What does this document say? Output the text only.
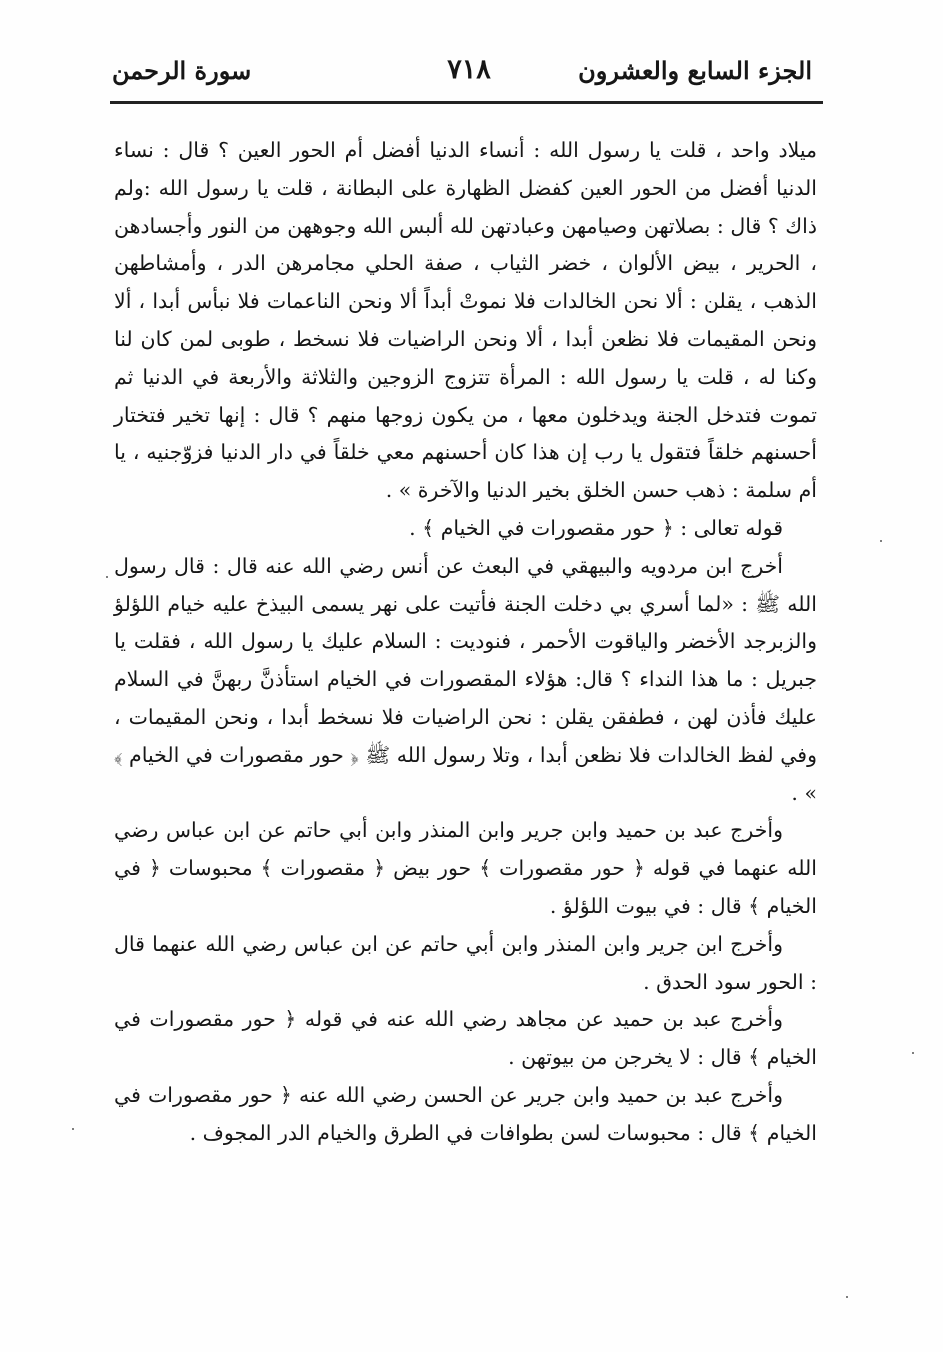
الجزء السابع والعشرون
٧١٨
سورة الرحمن

ميلاد واحد ، قلت يا رسول الله : أنساء الدنيا أفضل أم الحور العين ؟ قال : نساء الدنيا أفضل من الحور العين كفضل الظهارة على البطانة ، قلت يا رسول الله :ولم ذاك ؟ قال : بصلاتهن وصيامهن وعبادتهن لله ألبس الله وجوههن من النور وأجسادهن ، الحرير ، بيض الألوان ، خضر الثياب ، صفة الحلي مجامرهن الدر ، وأمشاطهن الذهب ، يقلن : ألا نحن الخالدات فلا نموتْ أبداً ألا ونحن الناعمات فلا نبأس أبدا ، ألا ونحن المقيمات فلا نظعن أبدا ، ألا ونحن الراضيات فلا نسخط ، طوبى لمن كان لنا وكنا له ، قلت يا رسول الله : المرأة تتزوج الزوجين والثلاثة والأربعة في الدنيا ثم تموت فتدخل الجنة ويدخلون معها ، من يكون زوجها منهم ؟ قال : إنها تخير فتختار أحسنهم خلقاً فتقول يا رب إن هذا كان أحسنهم معي خلقاً في دار الدنيا فزوّجنيه ، يا أم سلمة : ذهب حسن الخلق بخير الدنيا والآخرة » .

قوله تعالى : ﴿ حور مقصورات في الخيام ﴾ .

أخرج ابن مردويه والبيهقي في البعث عن أنس رضي الله عنه قال : قال رسول الله ﷺ : «لما أسري بي دخلت الجنة فأتيت على نهر يسمى البيذخ عليه خيام اللؤلؤ والزبرجد الأخضر والياقوت الأحمر ، فنوديت : السلام عليك يا رسول الله ، فقلت يا جبريل : ما هذا النداء ؟ قال: هؤلاء المقصورات في الخيام استأذنَّ ربهنَّ في السلام عليك فأذن لهن ، فطفقن يقلن : نحن الراضيات فلا نسخط أبدا ، ونحن المقيمات ، وفي لفظ الخالدات فلا نظعن أبدا ، وتلا رسول الله ﷺ ﴿ حور مقصورات في الخيام ﴾ » .

وأخرج عبد بن حميد وابن جرير وابن المنذر وابن أبي حاتم عن ابن عباس رضي الله عنهما في قوله ﴿ حور مقصورات ﴾ حور بيض ﴿ مقصورات ﴾ محبوسات ﴿ في الخيام ﴾ قال : في بيوت اللؤلؤ .

وأخرج ابن جرير وابن المنذر وابن أبي حاتم عن ابن عباس رضي الله عنهما قال : الحور سود الحدق .

وأخرج عبد بن حميد عن مجاهد رضي الله عنه في قوله ﴿ حور مقصورات في الخيام ﴾ قال : لا يخرجن من بيوتهن .

وأخرج عبد بن حميد وابن جرير عن الحسن رضي الله عنه ﴿ حور مقصورات في الخيام ﴾ قال : محبوسات لسن بطوافات في الطرق والخيام الدر المجوف .
